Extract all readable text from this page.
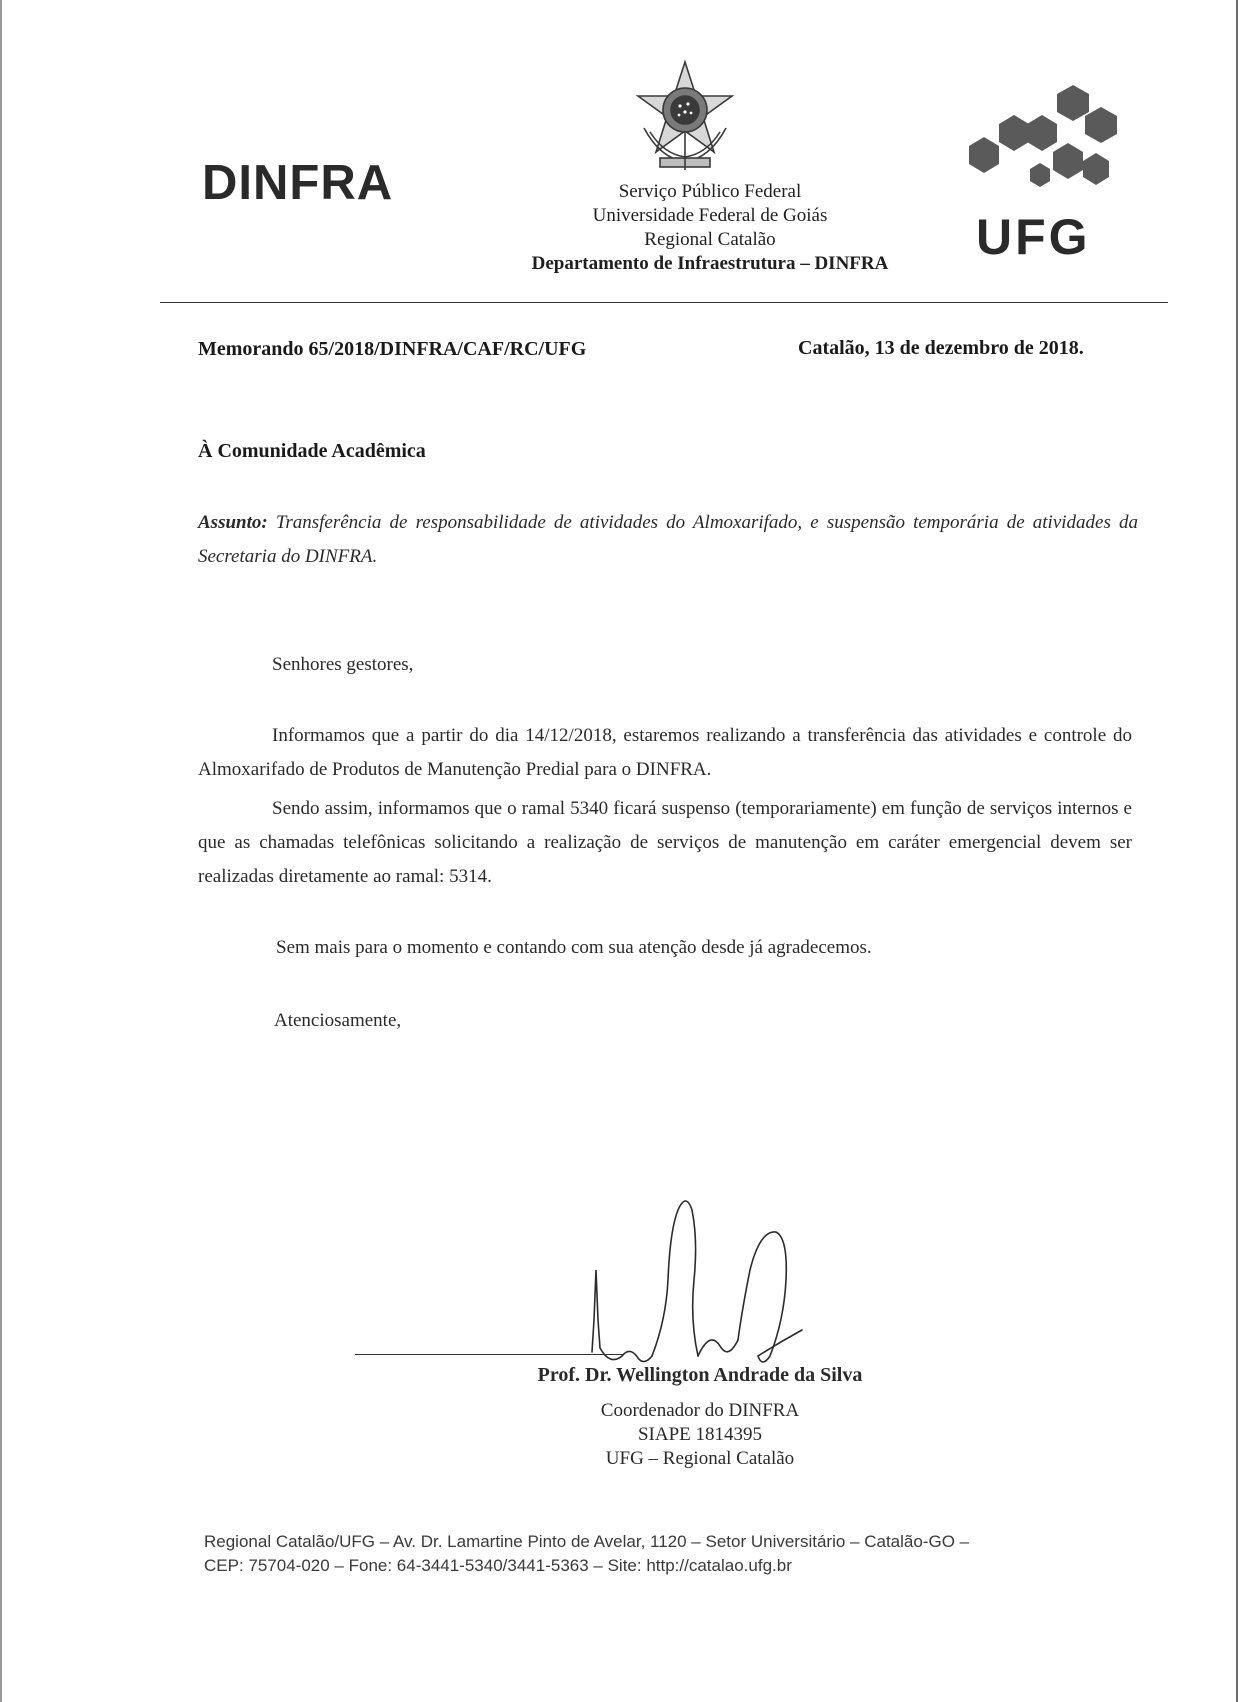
DINFRA	Serviço Público Federal
Universidade Federal de Goiás
Regional Catalão
Departamento de Infraestrutura – DINFRA	UFG
Memorando 65/2018/DINFRA/CAF/RC/UFG	Catalão, 13 de dezembro de 2018.
À Comunidade Acadêmica
Assunto: Transferência de responsabilidade de atividades do Almoxarifado, e suspensão temporária de atividades da Secretaria do DINFRA.
Senhores gestores,
Informamos que a partir do dia 14/12/2018, estaremos realizando a transferência das atividades e controle do Almoxarifado de Produtos de Manutenção Predial para o DINFRA.
Sendo assim, informamos que o ramal 5340 ficará suspenso (temporariamente) em função de serviços internos e que as chamadas telefônicas solicitando a realização de serviços de manutenção em caráter emergencial devem ser realizadas diretamente ao ramal: 5314.
Sem mais para o momento e contando com sua atenção desde já agradecemos.
Atenciosamente,
Prof. Dr. Wellington Andrade da Silva
Coordenador do DINFRA
SIAPE 1814395
UFG – Regional Catalão
Regional Catalão/UFG – Av. Dr. Lamartine Pinto de Avelar, 1120 – Setor Universitário – Catalão-GO –
CEP: 75704-020 – Fone: 64-3441-5340/3441-5363 – Site: http://catalao.ufg.br
